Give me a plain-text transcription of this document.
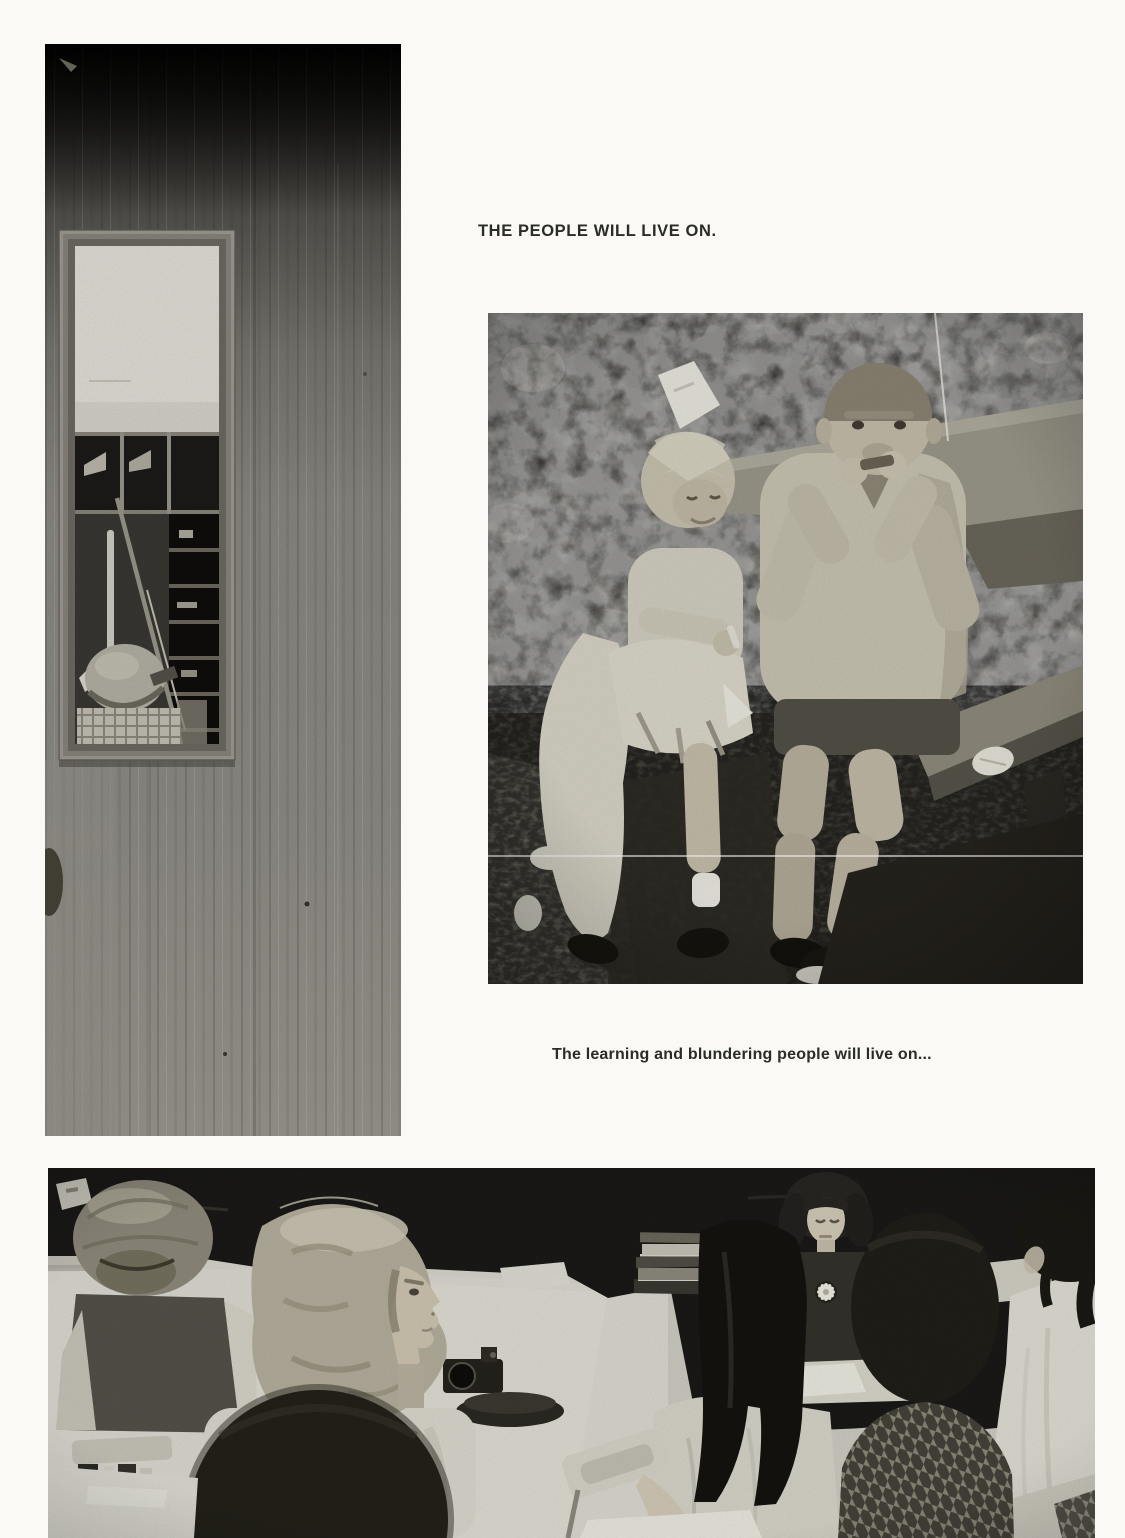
THE PEOPLE WILL LIVE ON.

The learning and blundering people will live on...
